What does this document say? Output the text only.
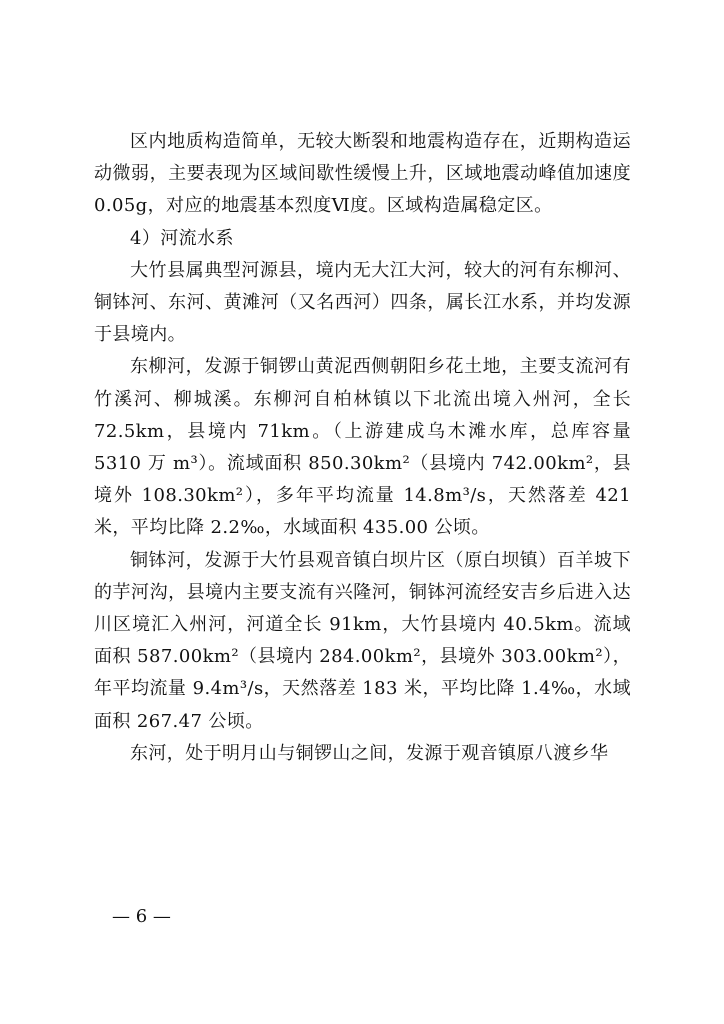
区内地质构造简单，无较大断裂和地震构造存在，近期构造运动微弱，主要表现为区域间歇性缓慢上升，区域地震动峰值加速度 0.05g，对应的地震基本烈度Ⅵ度。区域构造属稳定区。

4）河流水系

大竹县属典型河源县，境内无大江大河，较大的河有东柳河、铜钵河、东河、黄滩河（又名西河）四条，属长江水系，并均发源于县境内。

东柳河，发源于铜锣山黄泥西侧朝阳乡花土地，主要支流河有竹溪河、柳城溪。东柳河自柏林镇以下北流出境入州河，全长 72.5km，县境内 71km。（上游建成乌木滩水库，总库容量 5310 万 m³）。流域面积 850.30km²（县境内 742.00km²，县境外 108.30km²），多年平均流量 14.8m³/s，天然落差 421 米，平均比降 2.2‰，水域面积 435.00 公顷。

铜钵河，发源于大竹县观音镇白坝片区（原白坝镇）百羊坡下的芋河沟，县境内主要支流有兴隆河，铜钵河流经安吉乡后进入达川区境汇入州河，河道全长 91km，大竹县境内 40.5km。流域面积 587.00km²（县境内 284.00km²，县境外 303.00km²），年平均流量 9.4m³/s，天然落差 183 米，平均比降 1.4‰，水域面积 267.47 公顷。

东河，处于明月山与铜锣山之间，发源于观音镇原八渡乡华

— 6 —
